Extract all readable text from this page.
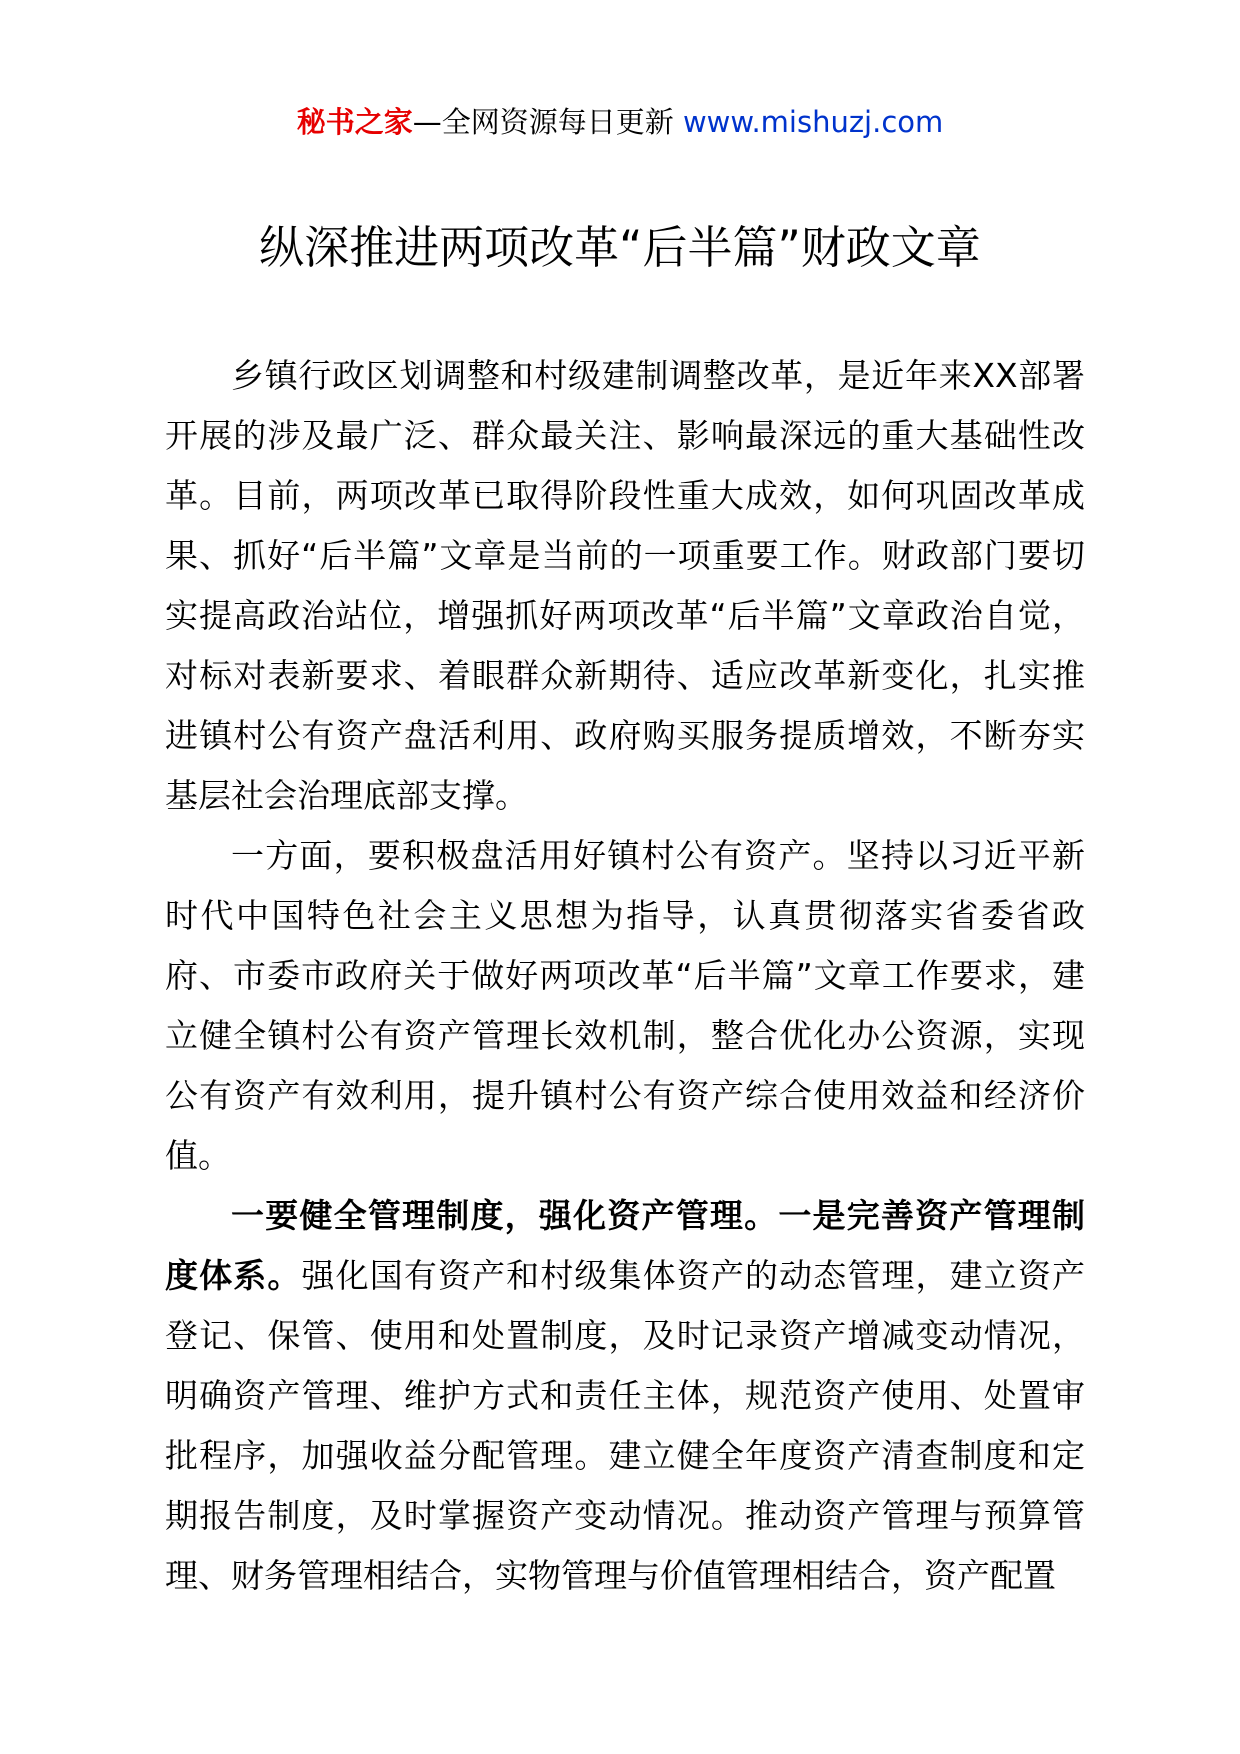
秘书之家—全网资源每日更新 www.mishuzj.com
纵深推进两项改革“后半篇”财政文章

乡镇行政区划调整和村级建制调整改革，是近年来XX部署开展的涉及最广泛、群众最关注、影响最深远的重大基础性改革。目前，两项改革已取得阶段性重大成效，如何巩固改革成果、抓好“后半篇”文章是当前的一项重要工作。财政部门要切实提高政治站位，增强抓好两项改革“后半篇”文章政治自觉，对标对表新要求、着眼群众新期待、适应改革新变化，扎实推进镇村公有资产盘活利用、政府购买服务提质增效，不断夯实基层社会治理底部支撑。

一方面，要积极盘活用好镇村公有资产。坚持以习近平新时代中国特色社会主义思想为指导，认真贯彻落实省委省政府、市委市政府关于做好两项改革“后半篇”文章工作要求，建立健全镇村公有资产管理长效机制，整合优化办公资源，实现公有资产有效利用，提升镇村公有资产综合使用效益和经济价值。

一要健全管理制度，强化资产管理。一是完善资产管理制度体系。强化国有资产和村级集体资产的动态管理，建立资产登记、保管、使用和处置制度，及时记录资产增减变动情况，明确资产管理、维护方式和责任主体，规范资产使用、处置审批程序，加强收益分配管理。建立健全年度资产清查制度和定期报告制度，及时掌握资产变动情况。推动资产管理与预算管理、财务管理相结合，实物管理与价值管理相结合，资产配置
